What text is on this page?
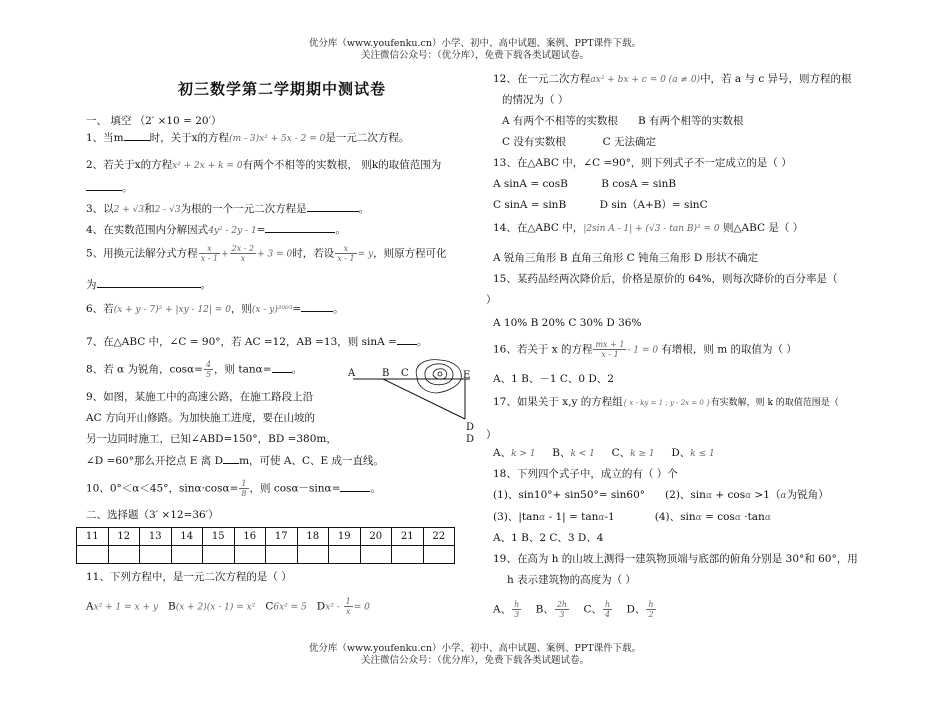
优分库（www.youfenku.cn）小学、初中、高中试题、案例、PPT课件下载。
关注微信公众号：（优分库），免费下载各类试题试卷。
初三数学第二学期期中测试卷
一、 填空 （2′ ×10 = 20′）
1、当m 时，关于x的方程(m - 3)x² + 5x - 2 = 0是一元二次方程。
2、若关于x的方程x² + 2x + k = 0有两个不相等的实数根， 则k的取值范围为
。
3、以2 + √3和2 - √3为根的一个一元二次方程是	。
4、在实数范围内分解因式4y² - 2y - 1=	。
5、用换元法解分式方程 $\frac{x}{x - 1} + \frac{2x - 2}{x} + 3 = 0$时，若设 $\frac{x}{x - 1} = y$，则原方程可化
为	。
6、若(x + y - 7)² + |xy - 12| = 0，则(x - y)²⁰⁰³=	。
7、在△ABC 中，∠C = 90°，若 AC =12，AB =13，则 sinA = 。
8、若 α 为锐角，$\cos\alpha= \frac{4}{5}$ ，则 tanα= 。
9、如图，某施工中的高速公路，在施工路段上沿
AC 方向开山修路。为加快施工进度，要在山坡的
另一边同时施工，已知∠ABD=150°，BD =380m，
∠D =60°那么开挖点 E 离 D m，可使 A、C、E 成一直线。
A	B C	E
D
D
10、0°＜α＜45°，$\sin\alpha\cdot\cos\alpha= \frac{1}{8}$ ，则 cosα－sinα=	。
二、选择题（3′ ×12=36′）
11	12	13	14	15	16	17	18	19	20	21	22

11、下列方程中，是一元二次方程的是（ ）
Ax² + 1 = x + y B(x + 2)(x - 1) = x² C6x² = 5 $Dx^2 - \frac{1}{x} = 0$
12、在一元二次方程ax² + bx + c = 0 (a ≠ 0)中，若 a 与 c 异号，则方程的根
的情况为（ ）
A 有两个不相等的实数根 B 有两个相等的实数根
C 没有实数根	C 无法确定
13、在△ABC 中，∠C =90°，则下列式子不一定成立的是（ ）
A sinA = cosB	B cosA = sinB
C sinA = sinB	D sin（A+B）= sinC
14、在△ABC 中，|2sin A - 1| + (√3 - tan B)² = 0 则△ABC 是（ ）
A 锐角三角形 B 直角三角形 C 钝角三角形 D 形状不确定
15、某药品经两次降价后，价格是原价的 64%，则每次降价的百分率是（
）
A 10% B 20% C 30% D 36%
16、若关于 x 的方程 $\frac{mx + 1}{x - 1} - 1 = 0$ 有增根，则 m 的取值为（ ）
A、1 B、－1 C、0 D、2
17、如果关于 x,y 的方程组{ x - ky = 1 ; y - 2x = 0 }有实数解，则 k 的取值范围是（
）
A、k > 1 B、k < 1 C、k ≥ 1 D、k ≤ 1
18、下列四个式子中，成立的有（ ）个
(1)、sin10°+ sin50°= sin60° (2)、sinα + cosα >1（α为锐角）
(3)、|tanα - 1| = tanα-1	(4)、sinα = cosα ·tanα
A、1 B、2 C、3 D、4
19、在高为 h 的山坡上测得一建筑物顶端与底部的俯角分别是 30°和 60°，用
h 表示建筑物的高度为（ ）
A、 $\frac{h}{3}$ B、 $\frac{2h}{3}$ C、 $\frac{h}{4}$ D、 $\frac{h}{2}$
优分库（www.youfenku.cn）小学、初中、高中试题、案例、PPT课件下载。
关注微信公众号：（优分库），免费下载各类试题试卷。
